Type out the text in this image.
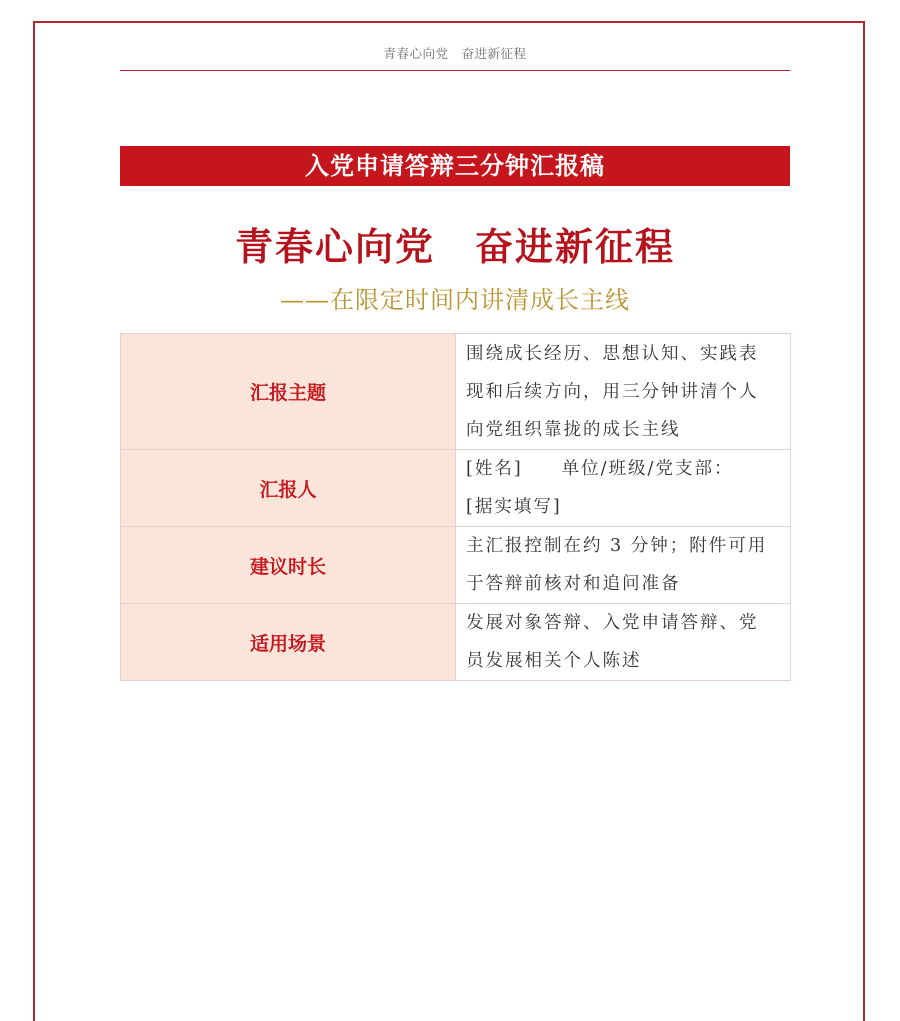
青春心向党　奋进新征程
入党申请答辩三分钟汇报稿
青春心向党　奋进新征程
——在限定时间内讲清成长主线
汇报主题	围绕成长经历、思想认知、实践表
现和后续方向，用三分钟讲清个人
向党组织靠拢的成长主线

汇报人	[姓名]　　单位/班级/党支部：
[据实填写]

建议时长	主汇报控制在约 3 分钟；附件可用
于答辩前核对和追问准备

适用场景	发展对象答辩、入党申请答辩、党
员发展相关个人陈述
